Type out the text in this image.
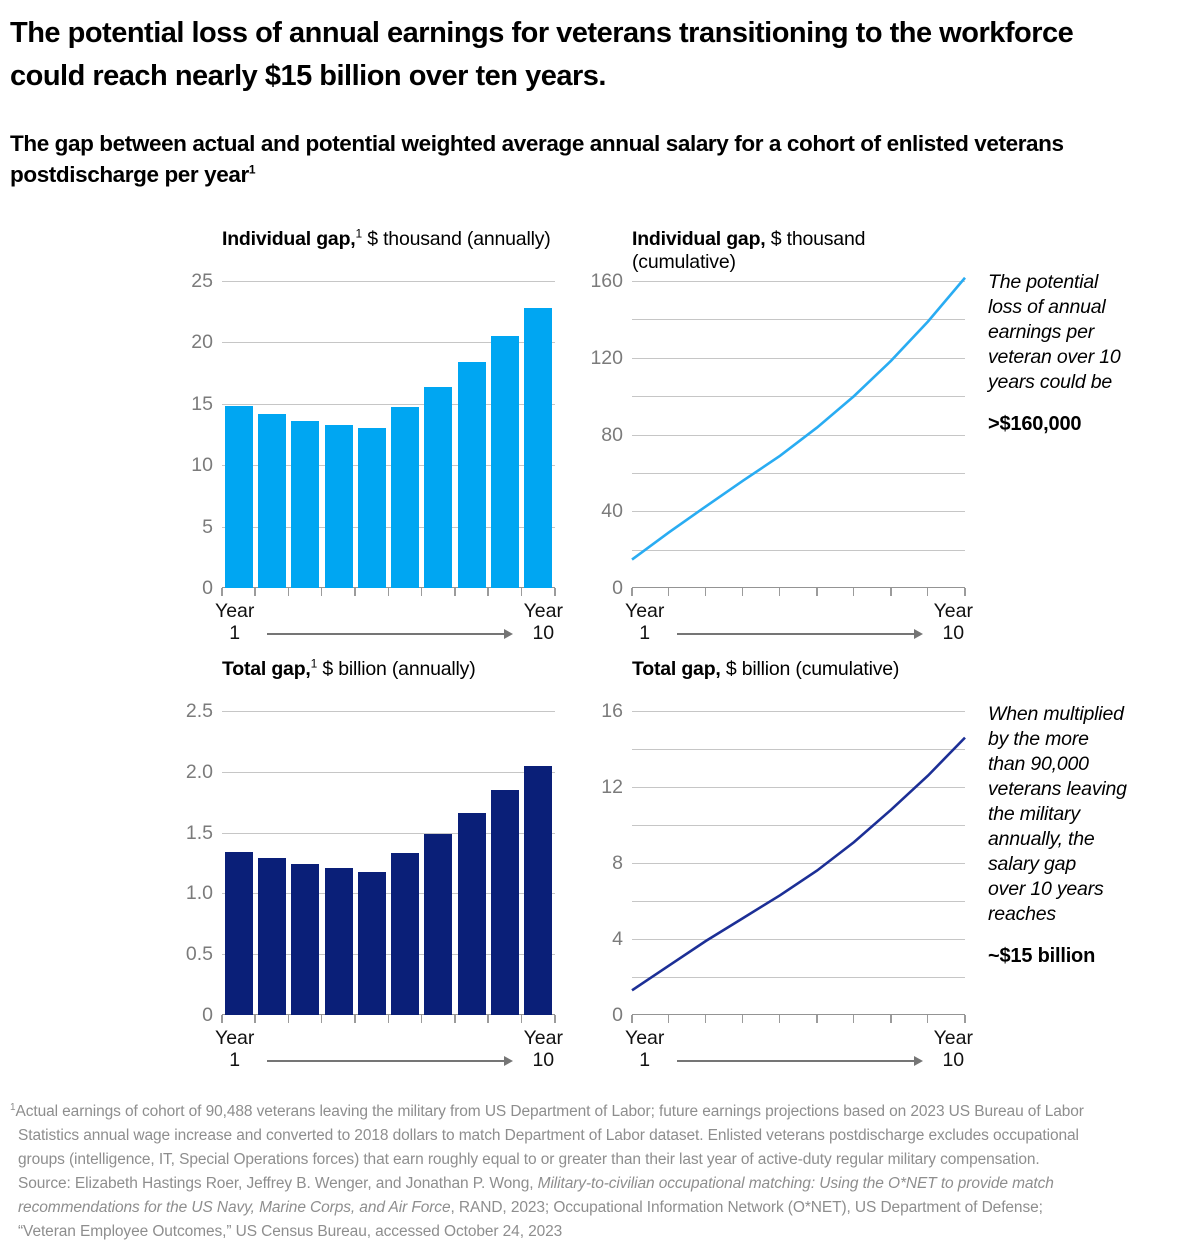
The potential loss of annual earnings for veterans transitioning to the workforce could reach nearly $15 billion over ten years.
The gap between actual and potential weighted average annual salary for a cohort of enlisted veterans postdischarge per year$^1$
Individual gap,$^1$ $ thousand (annually)
0
5
10
15
20
25
Year
1
Year
10
Individual gap, $ thousand (cumulative)
0
40
80
120
160
Year
1
Year
10
Total gap,$^1$ $ billion (annually)
0
0.5
1.0
1.5
2.0
2.5
Year
1
Year
10
Total gap, $ billion (cumulative)
0
4
8
12
16
Year
1
Year
10
The potential
loss of annual
earnings per
veteran over 10
years could be
>$160,000
When multiplied
by the more
than 90,000
veterans leaving
the military
annually, the
salary gap
over 10 years
reaches
~$15 billion
$^1$Actual earnings of cohort of 90,488 veterans leaving the military from US Department of Labor; future earnings projections based on 2023 US Bureau of Labor
Statistics annual wage increase and converted to 2018 dollars to match Department of Labor dataset. Enlisted veterans postdischarge excludes occupational
groups (intelligence, IT, Special Operations forces) that earn roughly equal to or greater than their last year of active-duty regular military compensation.
Source: Elizabeth Hastings Roer, Jeffrey B. Wenger, and Jonathan P. Wong, Military-to-civilian occupational matching: Using the O*NET to provide match
recommendations for the US Navy, Marine Corps, and Air Force, RAND, 2023; Occupational Information Network (O*NET), US Department of Defense;
“Veteran Employee Outcomes,” US Census Bureau, accessed October 24, 2023
